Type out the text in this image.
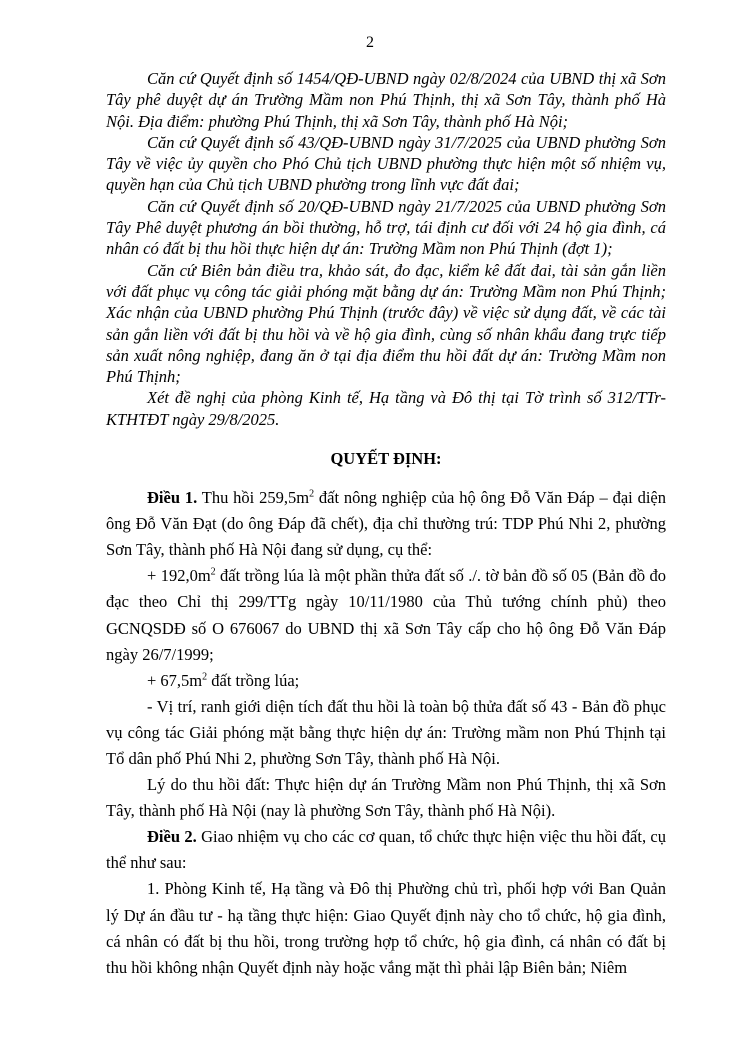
2

Căn cứ Quyết định số 1454/QĐ-UBND ngày 02/8/2024 của UBND thị xã Sơn Tây phê duyệt dự án Trường Mầm non Phú Thịnh, thị xã Sơn Tây, thành phố Hà Nội. Địa điểm: phường Phú Thịnh, thị xã Sơn Tây, thành phố Hà Nội;

Căn cứ Quyết định số 43/QĐ-UBND ngày 31/7/2025 của UBND phường Sơn Tây về việc ủy quyền cho Phó Chủ tịch UBND phường thực hiện một số nhiệm vụ, quyền hạn của Chủ tịch UBND phường trong lĩnh vực đất đai;

Căn cứ Quyết định số 20/QĐ-UBND ngày 21/7/2025 của UBND phường Sơn Tây Phê duyệt phương án bồi thường, hỗ trợ, tái định cư đối với 24 hộ gia đình, cá nhân có đất bị thu hồi thực hiện dự án: Trường Mầm non Phú Thịnh (đợt 1);

Căn cứ Biên bản điều tra, khảo sát, đo đạc, kiểm kê đất đai, tài sản gắn liền với đất phục vụ công tác giải phóng mặt bằng dự án: Trường Mầm non Phú Thịnh; Xác nhận của UBND phường Phú Thịnh (trước đây) về việc sử dụng đất, về các tài sản gắn liền với đất bị thu hồi và về hộ gia đình, cùng số nhân khẩu đang trực tiếp sản xuất nông nghiệp, đang ăn ở tại địa điểm thu hồi đất dự án: Trường Mầm non Phú Thịnh;

Xét đề nghị của phòng Kinh tế, Hạ tầng và Đô thị tại Tờ trình số 312/TTr-KTHTĐT ngày 29/8/2025.

QUYẾT ĐỊNH:

Điều 1. Thu hồi $259,5m^2$ đất nông nghiệp của hộ ông Đỗ Văn Đáp – đại diện ông Đỗ Văn Đạt (do ông Đáp đã chết), địa chỉ thường trú: TDP Phú Nhi 2, phường Sơn Tây, thành phố Hà Nội đang sử dụng, cụ thể:

+ $192,0m^2$ đất trồng lúa là một phần thửa đất số ./. tờ bản đồ số 05 (Bản đồ đo đạc theo Chỉ thị 299/TTg ngày 10/11/1980 của Thủ tướng chính phủ) theo GCNQSDĐ số O 676067 do UBND thị xã Sơn Tây cấp cho hộ ông Đỗ Văn Đáp ngày 26/7/1999;

+ $67,5m^2$ đất trồng lúa;

- Vị trí, ranh giới diện tích đất thu hồi là toàn bộ thửa đất số 43 - Bản đồ phục vụ công tác Giải phóng mặt bằng thực hiện dự án: Trường mầm non Phú Thịnh tại Tổ dân phố Phú Nhi 2, phường Sơn Tây, thành phố Hà Nội.

Lý do thu hồi đất: Thực hiện dự án Trường Mầm non Phú Thịnh, thị xã Sơn Tây, thành phố Hà Nội (nay là phường Sơn Tây, thành phố Hà Nội).

Điều 2. Giao nhiệm vụ cho các cơ quan, tổ chức thực hiện việc thu hồi đất, cụ thể như sau:

1. Phòng Kinh tế, Hạ tầng và Đô thị Phường chủ trì, phối hợp với Ban Quản lý Dự án đầu tư - hạ tầng thực hiện: Giao Quyết định này cho tổ chức, hộ gia đình, cá nhân có đất bị thu hồi, trong trường hợp tổ chức, hộ gia đình, cá nhân có đất bị thu hồi không nhận Quyết định này hoặc vắng mặt thì phải lập Biên bản; Niêm
